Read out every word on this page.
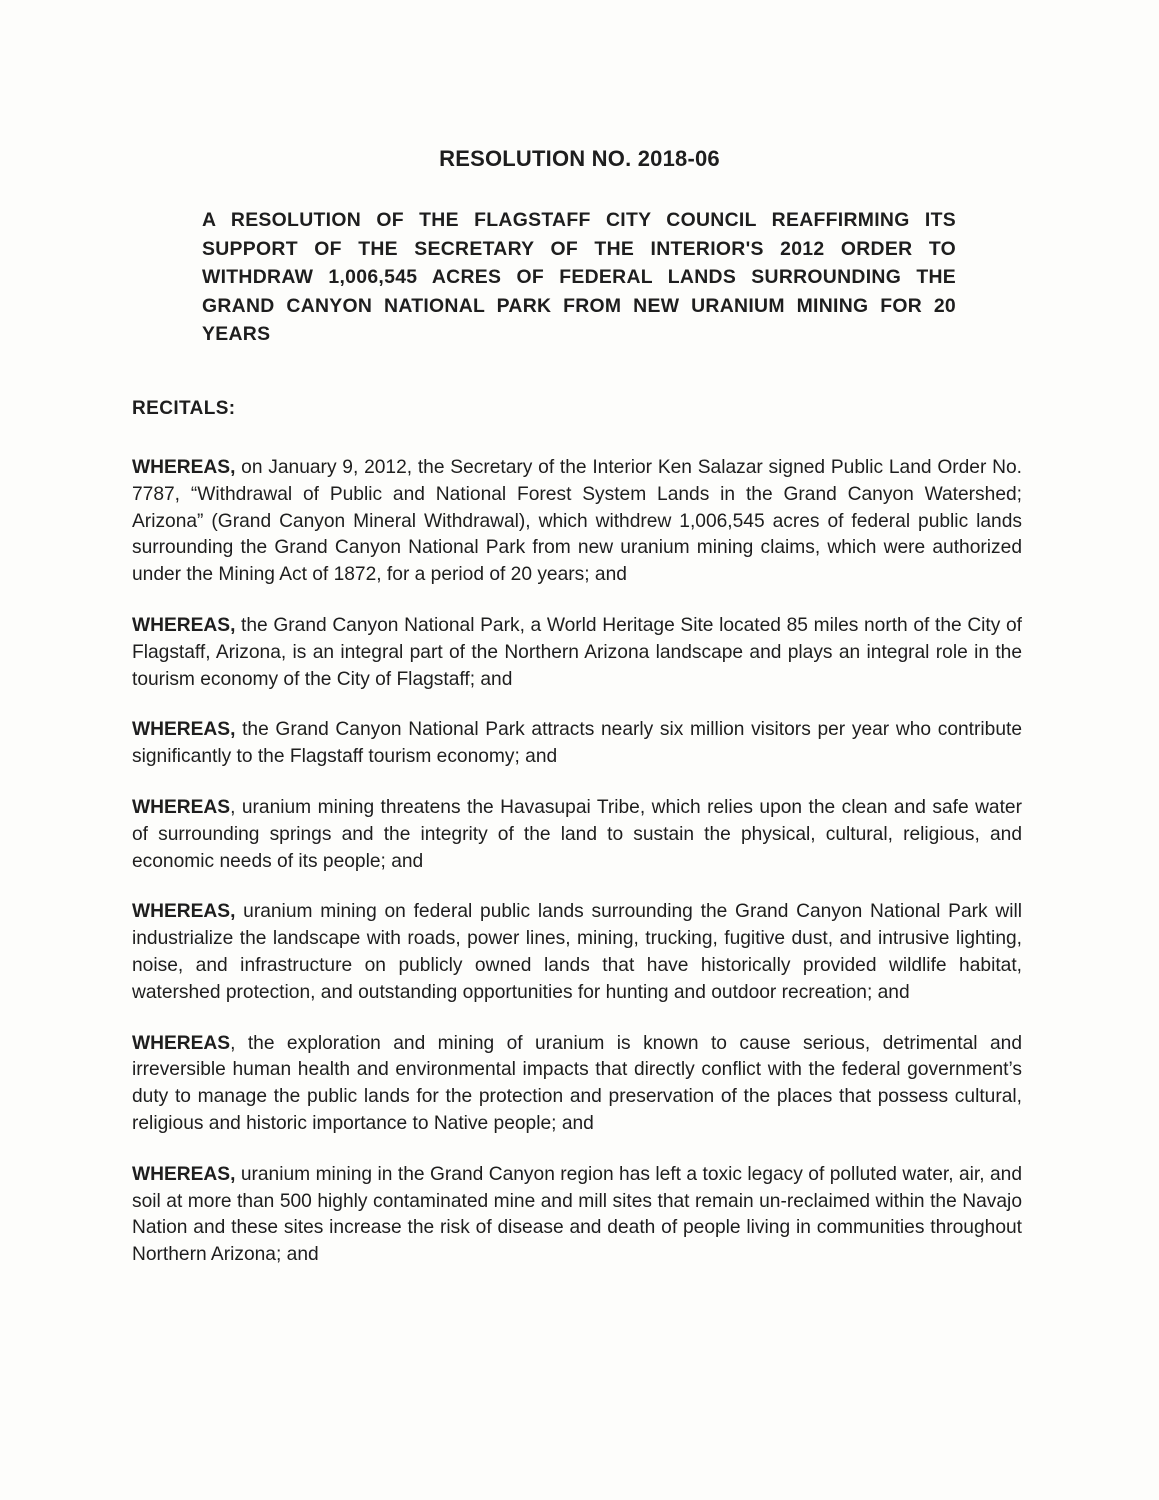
RESOLUTION NO. 2018-06
A RESOLUTION OF THE FLAGSTAFF CITY COUNCIL REAFFIRMING ITS SUPPORT OF THE SECRETARY OF THE INTERIOR'S 2012 ORDER TO WITHDRAW 1,006,545 ACRES OF FEDERAL LANDS SURROUNDING THE GRAND CANYON NATIONAL PARK FROM NEW URANIUM MINING FOR 20 YEARS
RECITALS:

WHEREAS, on January 9, 2012, the Secretary of the Interior Ken Salazar signed Public Land Order No. 7787, “Withdrawal of Public and National Forest System Lands in the Grand Canyon Watershed; Arizona” (Grand Canyon Mineral Withdrawal), which withdrew 1,006,545 acres of federal public lands surrounding the Grand Canyon National Park from new uranium mining claims, which were authorized under the Mining Act of 1872, for a period of 20 years; and

WHEREAS, the Grand Canyon National Park, a World Heritage Site located 85 miles north of the City of Flagstaff, Arizona, is an integral part of the Northern Arizona landscape and plays an integral role in the tourism economy of the City of Flagstaff; and

WHEREAS, the Grand Canyon National Park attracts nearly six million visitors per year who contribute significantly to the Flagstaff tourism economy; and

WHEREAS, uranium mining threatens the Havasupai Tribe, which relies upon the clean and safe water of surrounding springs and the integrity of the land to sustain the physical, cultural, religious, and economic needs of its people; and

WHEREAS, uranium mining on federal public lands surrounding the Grand Canyon National Park will industrialize the landscape with roads, power lines, mining, trucking, fugitive dust, and intrusive lighting, noise, and infrastructure on publicly owned lands that have historically provided wildlife habitat, watershed protection, and outstanding opportunities for hunting and outdoor recreation; and

WHEREAS, the exploration and mining of uranium is known to cause serious, detrimental and irreversible human health and environmental impacts that directly conflict with the federal government’s duty to manage the public lands for the protection and preservation of the places that possess cultural, religious and historic importance to Native people; and

WHEREAS, uranium mining in the Grand Canyon region has left a toxic legacy of polluted water, air, and soil at more than 500 highly contaminated mine and mill sites that remain un-reclaimed within the Navajo Nation and these sites increase the risk of disease and death of people living in communities throughout Northern Arizona; and
